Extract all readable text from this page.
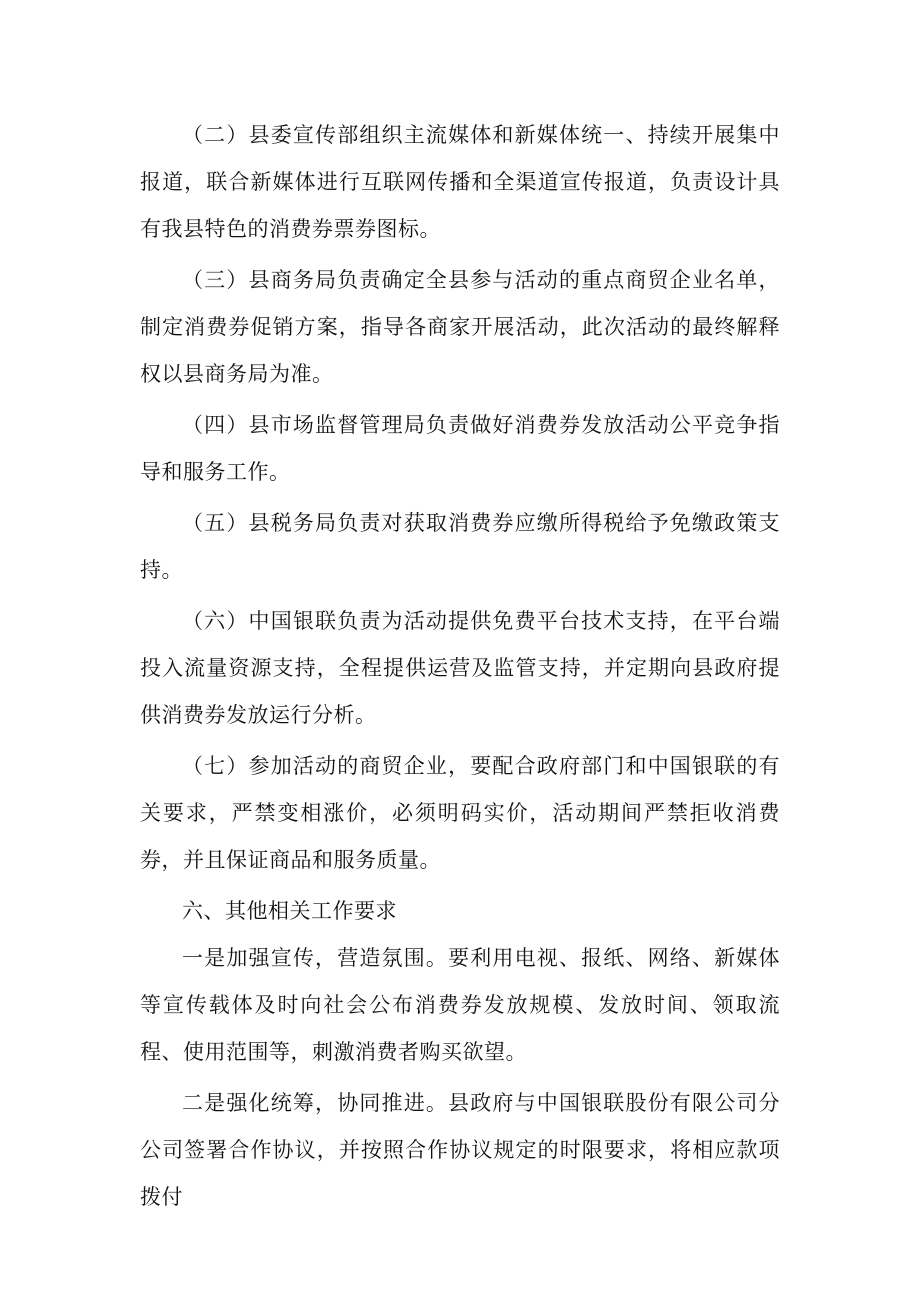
（二）县委宣传部组织主流媒体和新媒体统一、持续开展集中报道，联合新媒体进行互联网传播和全渠道宣传报道，负责设计具有我县特色的消费券票券图标。

（三）县商务局负责确定全县参与活动的重点商贸企业名单，制定消费券促销方案，指导各商家开展活动，此次活动的最终解释权以县商务局为准。

（四）县市场监督管理局负责做好消费券发放活动公平竞争指导和服务工作。

（五）县税务局负责对获取消费券应缴所得税给予免缴政策支持。

（六）中国银联负责为活动提供免费平台技术支持，在平台端投入流量资源支持，全程提供运营及监管支持，并定期向县政府提供消费券发放运行分析。

（七）参加活动的商贸企业，要配合政府部门和中国银联的有关要求，严禁变相涨价，必须明码实价，活动期间严禁拒收消费券，并且保证商品和服务质量。

六、其他相关工作要求

一是加强宣传，营造氛围。要利用电视、报纸、网络、新媒体等宣传载体及时向社会公布消费券发放规模、发放时间、领取流程、使用范围等，刺激消费者购买欲望。

二是强化统筹，协同推进。县政府与中国银联股份有限公司分公司签署合作协议，并按照合作协议规定的时限要求，将相应款项拨付
